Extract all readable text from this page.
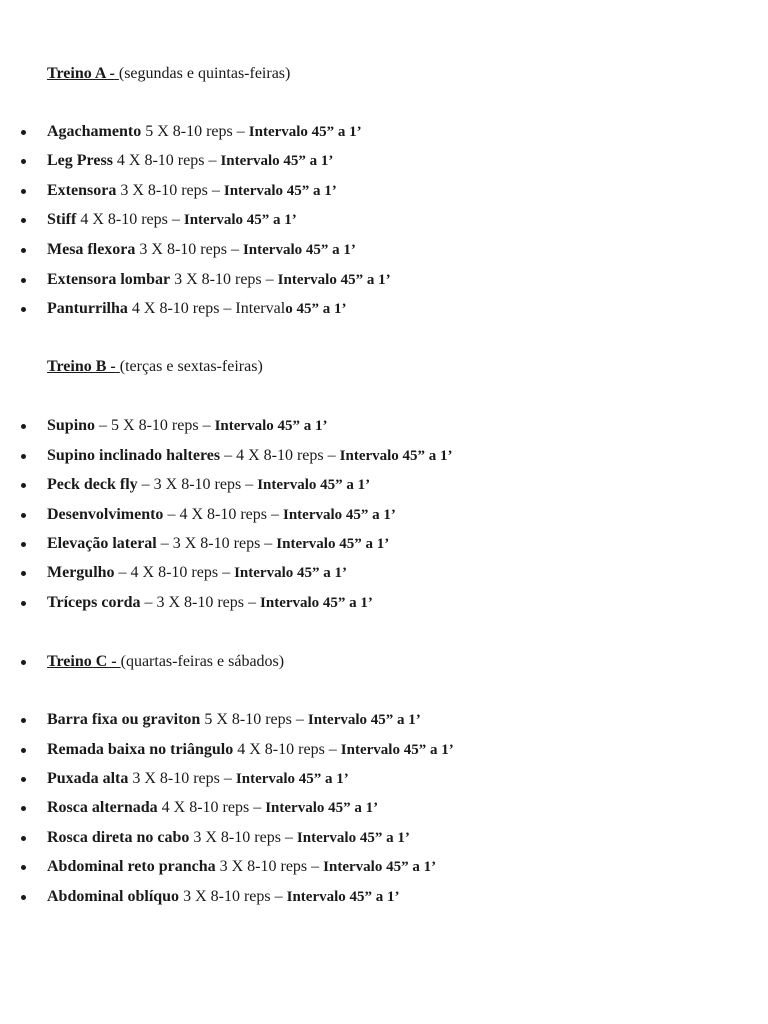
Treino A - (segundas e quintas-feiras)
Agachamento 5 X 8-10 reps – Intervalo 45” a 1’
Leg Press 4 X 8-10 reps – Intervalo 45” a 1’
Extensora 3 X 8-10 reps – Intervalo 45” a 1’
Stiff 4 X 8-10 reps – Intervalo 45” a 1’
Mesa flexora 3 X 8-10 reps – Intervalo 45” a 1’
Extensora lombar 3 X 8-10 reps – Intervalo 45” a 1’
Panturrilha 4 X 8-10 reps – Intervalo 45” a 1’
Treino B - (terças e sextas-feiras)
Supino – 5 X 8-10 reps – Intervalo 45” a 1’
Supino inclinado halteres – 4 X 8-10 reps – Intervalo 45” a 1’
Peck deck fly – 3 X 8-10 reps – Intervalo 45” a 1’
Desenvolvimento – 4 X 8-10 reps – Intervalo 45” a 1’
Elevação lateral – 3 X 8-10 reps – Intervalo 45” a 1’
Mergulho – 4 X 8-10 reps – Intervalo 45” a 1’
Tríceps corda – 3 X 8-10 reps – Intervalo 45” a 1’
Treino C - (quartas-feiras e sábados)
Barra fixa ou graviton 5 X 8-10 reps – Intervalo 45” a 1’
Remada baixa no triângulo 4 X 8-10 reps – Intervalo 45” a 1’
Puxada alta 3 X 8-10 reps – Intervalo 45” a 1’
Rosca alternada 4 X 8-10 reps – Intervalo 45” a 1’
Rosca direta no cabo 3 X 8-10 reps – Intervalo 45” a 1’
Abdominal reto prancha 3 X 8-10 reps – Intervalo 45” a 1’
Abdominal oblíquo 3 X 8-10 reps – Intervalo 45” a 1’
